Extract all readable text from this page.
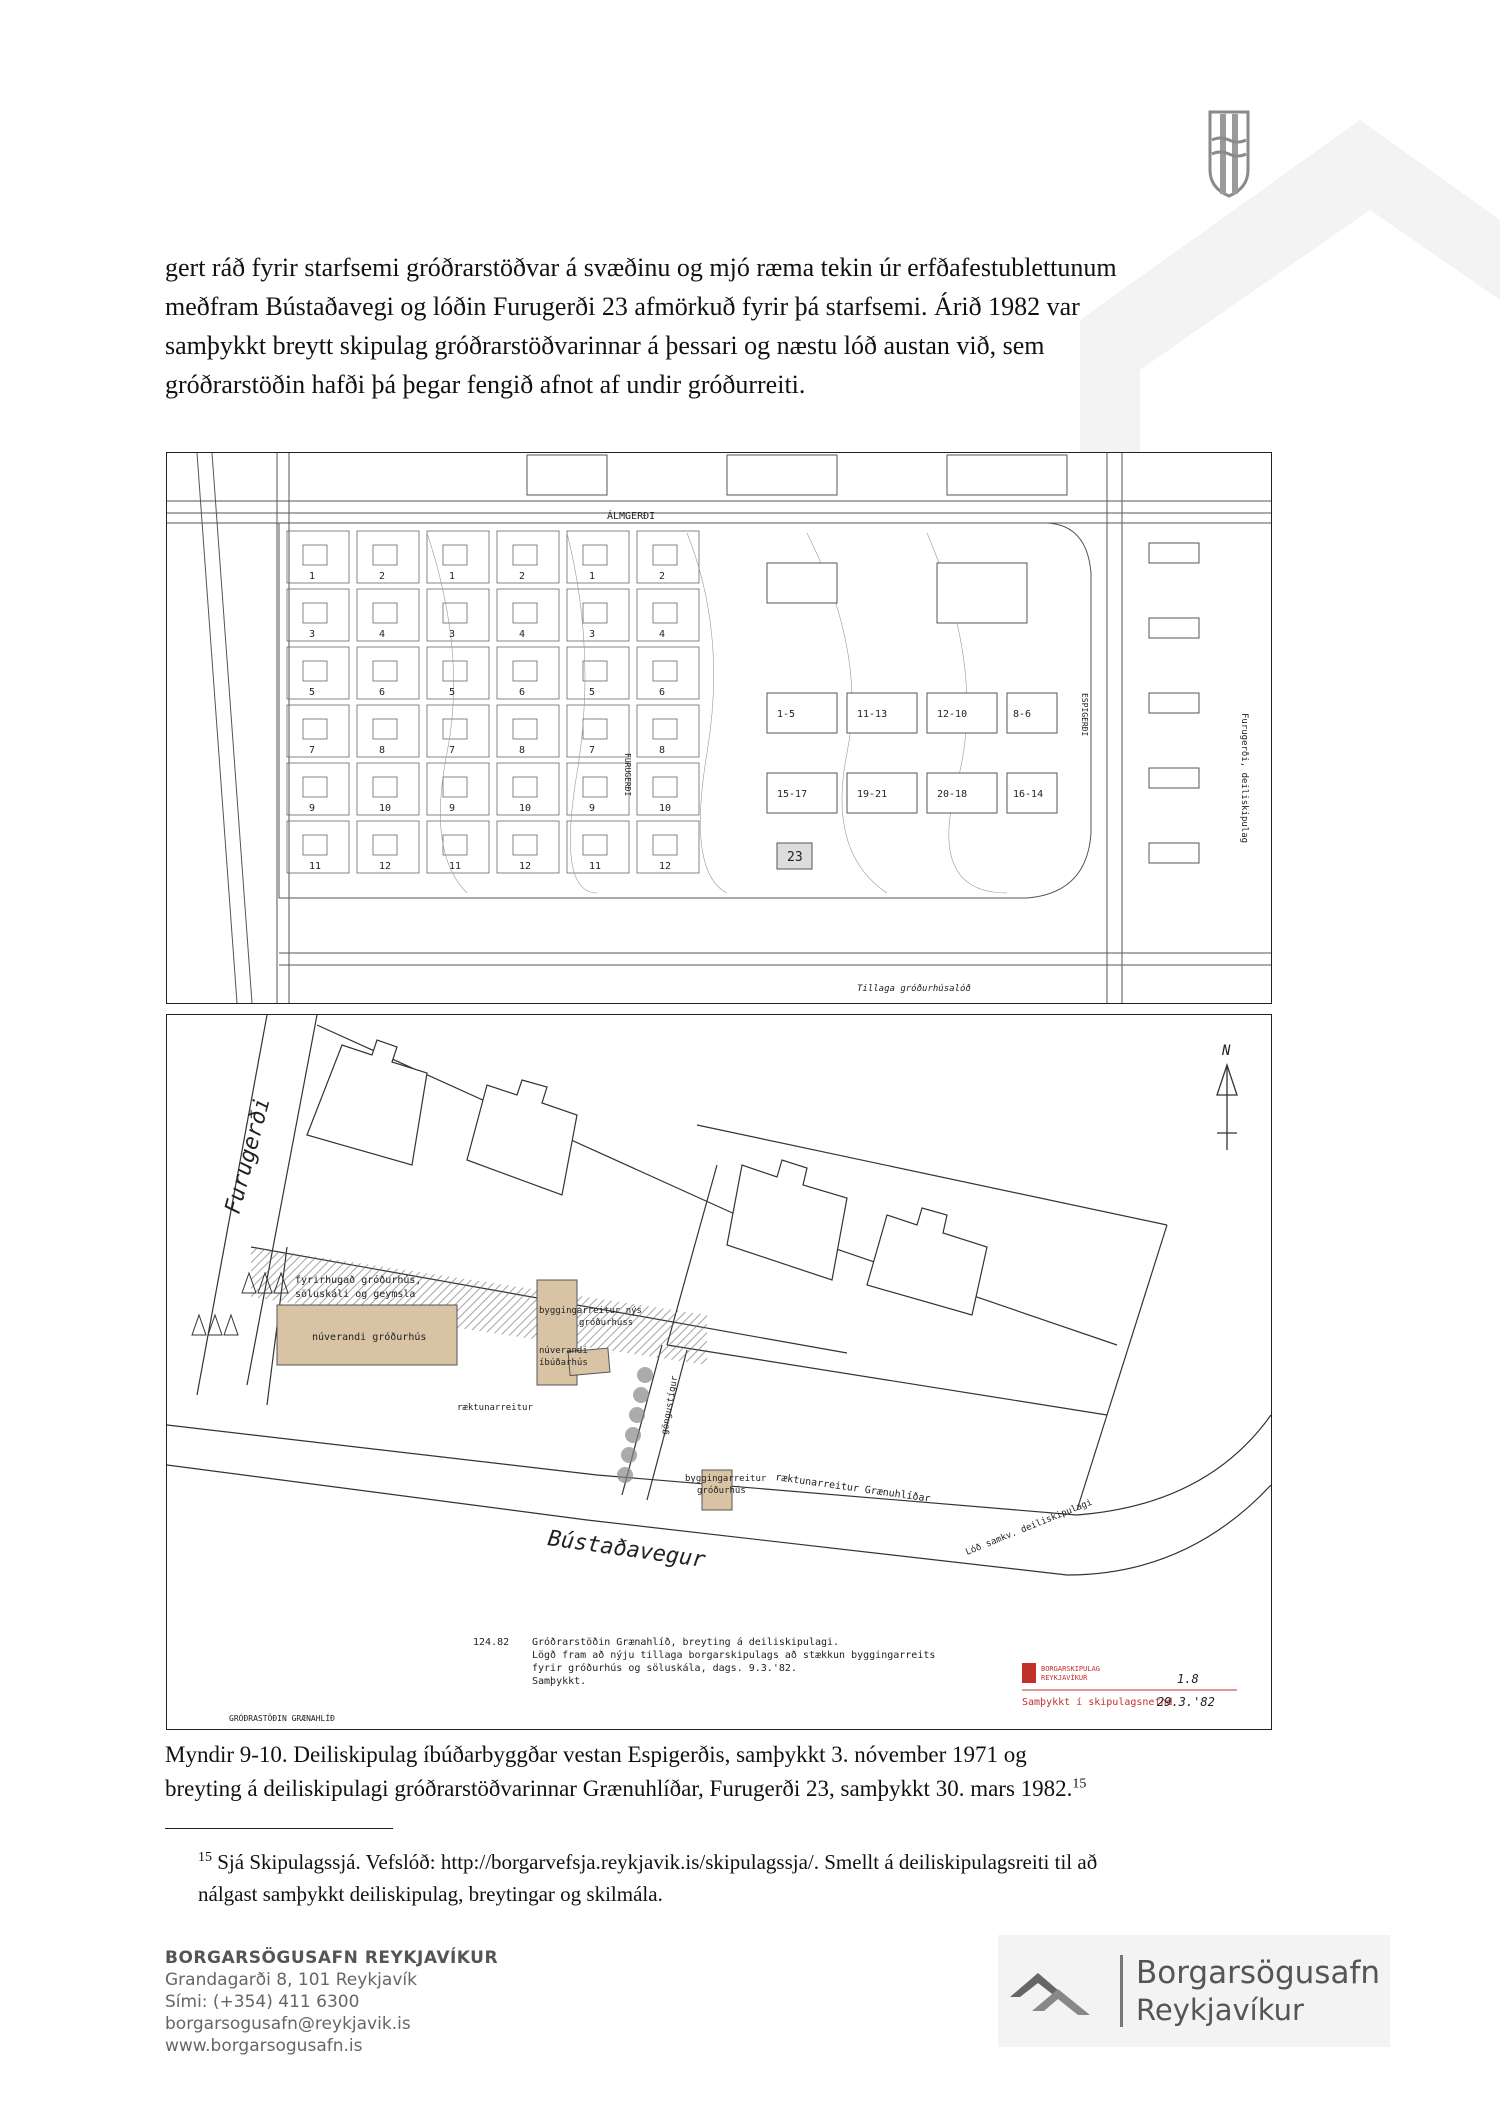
gert ráð fyrir starfsemi gróðrarstöðvar á svæðinu og mjó ræma tekin úr erfðafestublettunum
meðfram Bústaðavegi og lóðin Furugerði 23 afmörkuð fyrir þá starfsemi. Árið 1982 var
samþykkt breytt skipulag gróðrarstöðvarinnar á þessari og næstu lóð austan við, sem
gróðrarstöðin hafði þá þegar fengið afnot af undir gróðurreiti.
ÁLMGERÐI
23
1-5	11-13	12-10	8-6
15-17	19-21	20-18	16-14
FURUGERÐI
ESPIGERÐI	Furugerði, deiliskipulag
Tillaga gróðurhúsalóð
1	2	1	2	1	2
3	4	3	4	3	4
5	6	5	6	5	6
7	8	7	8	7	8
9	10	9	10	9	10
11	12	11	12	11	12
N
Furugerði
Bústaðavegur
fyrirhugað gróðurhús,
söluskáli og geymsla
núverandi gróðurhús
byggingarreitur nýs
gróðurhúss
núverandi
íbúðarhús
ræktunarreitur	göngustígur
byggingarreitur
gróðurhús	ræktunarreitur Grænuhlíðar
Lóð samkv. deiliskipulagi
124.82 Gróðrarstöðin Grænahlíð, breyting á deiliskipulagi.
Lögð fram að nýju tillaga borgarskipulags að stækkun byggingarreits
fyrir gróðurhús og söluskála, dags. 9.3.'82.
Samþykkt.
GRÓÐRASTÖÐIN GRÆNAHLÍÐ
BORGARSKIPULAG
REYKJAVÍKUR
Samþykkt í skipulagsnefnd
1.8
29.3.'82
Myndir 9-10. Deiliskipulag íbúðarbyggðar vestan Espigerðis, samþykkt 3. nóvember 1971 og
breyting á deiliskipulagi gróðrarstöðvarinnar Grænuhlíðar, Furugerði 23, samþykkt 30. mars 1982.15
$^{15}$ Sjá Skipulagssjá. Vefslóð: http://borgarvefsja.reykjavik.is/skipulagssja/. Smellt á deiliskipulagsreiti til að
nálgast samþykkt deiliskipulag, breytingar og skilmála.
BORGARSÖGUSAFN REYKJAVÍKUR
Grandagarði 8, 101 Reykjavík
Sími: (+354) 411 6300
borgarsogusafn@reykjavik.is
www.borgarsogusafn.is
Borgarsögusafn
Reykjavíkur
